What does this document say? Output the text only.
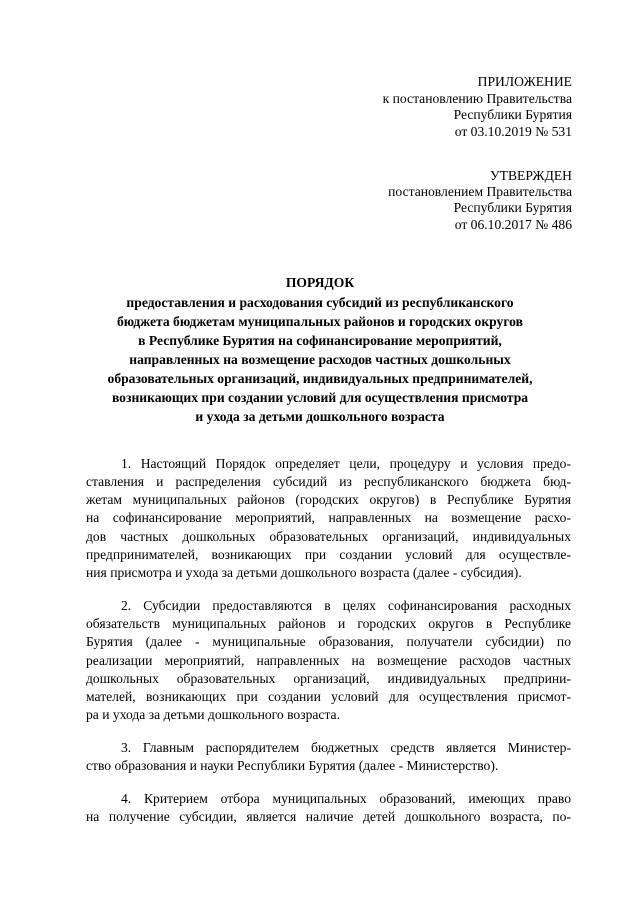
ПРИЛОЖЕНИЕ
к постановлению Правительства
Республики Бурятия
от 03.10.2019 № 531
УТВЕРЖДЕН
постановлением Правительства
Республики Бурятия
от 06.10.2017 № 486
ПОРЯДОК
предоставления и расходования субсидий из республиканского
бюджета бюджетам муниципальных районов и городских округов
в Республике Бурятия на софинансирование мероприятий,
направленных на возмещение расходов частных дошкольных
образовательных организаций, индивидуальных предпринимателей,
возникающих при создании условий для осуществления присмотра
и ухода за детьми дошкольного возраста
1. Настоящий Порядок определяет цели, процедуру и условия предо-
ставления и распределения субсидий из республиканского бюджета бюд-
жетам муниципальных районов (городских округов) в Республике Бурятия
на софинансирование мероприятий, направленных на возмещение расхо-
дов частных дошкольных образовательных организаций, индивидуальных
предпринимателей, возникающих при создании условий для осуществле-
ния присмотра и ухода за детьми дошкольного возраста (далее - субсидия).
2. Субсидии предоставляются в целях софинансирования расходных
обязательств муниципальных районов и городских округов в Республике
Бурятия (далее - муниципальные образования, получатели субсидии) по
реализации мероприятий, направленных на возмещение расходов частных
дошкольных образовательных организаций, индивидуальных предприни-
мателей, возникающих при создании условий для осуществления присмот-
ра и ухода за детьми дошкольного возраста.
3. Главным распорядителем бюджетных средств является Министер-
ство образования и науки Республики Бурятия (далее - Министерство).
4. Критерием отбора муниципальных образований, имеющих право
на получение субсидии, является наличие детей дошкольного возраста, по-
